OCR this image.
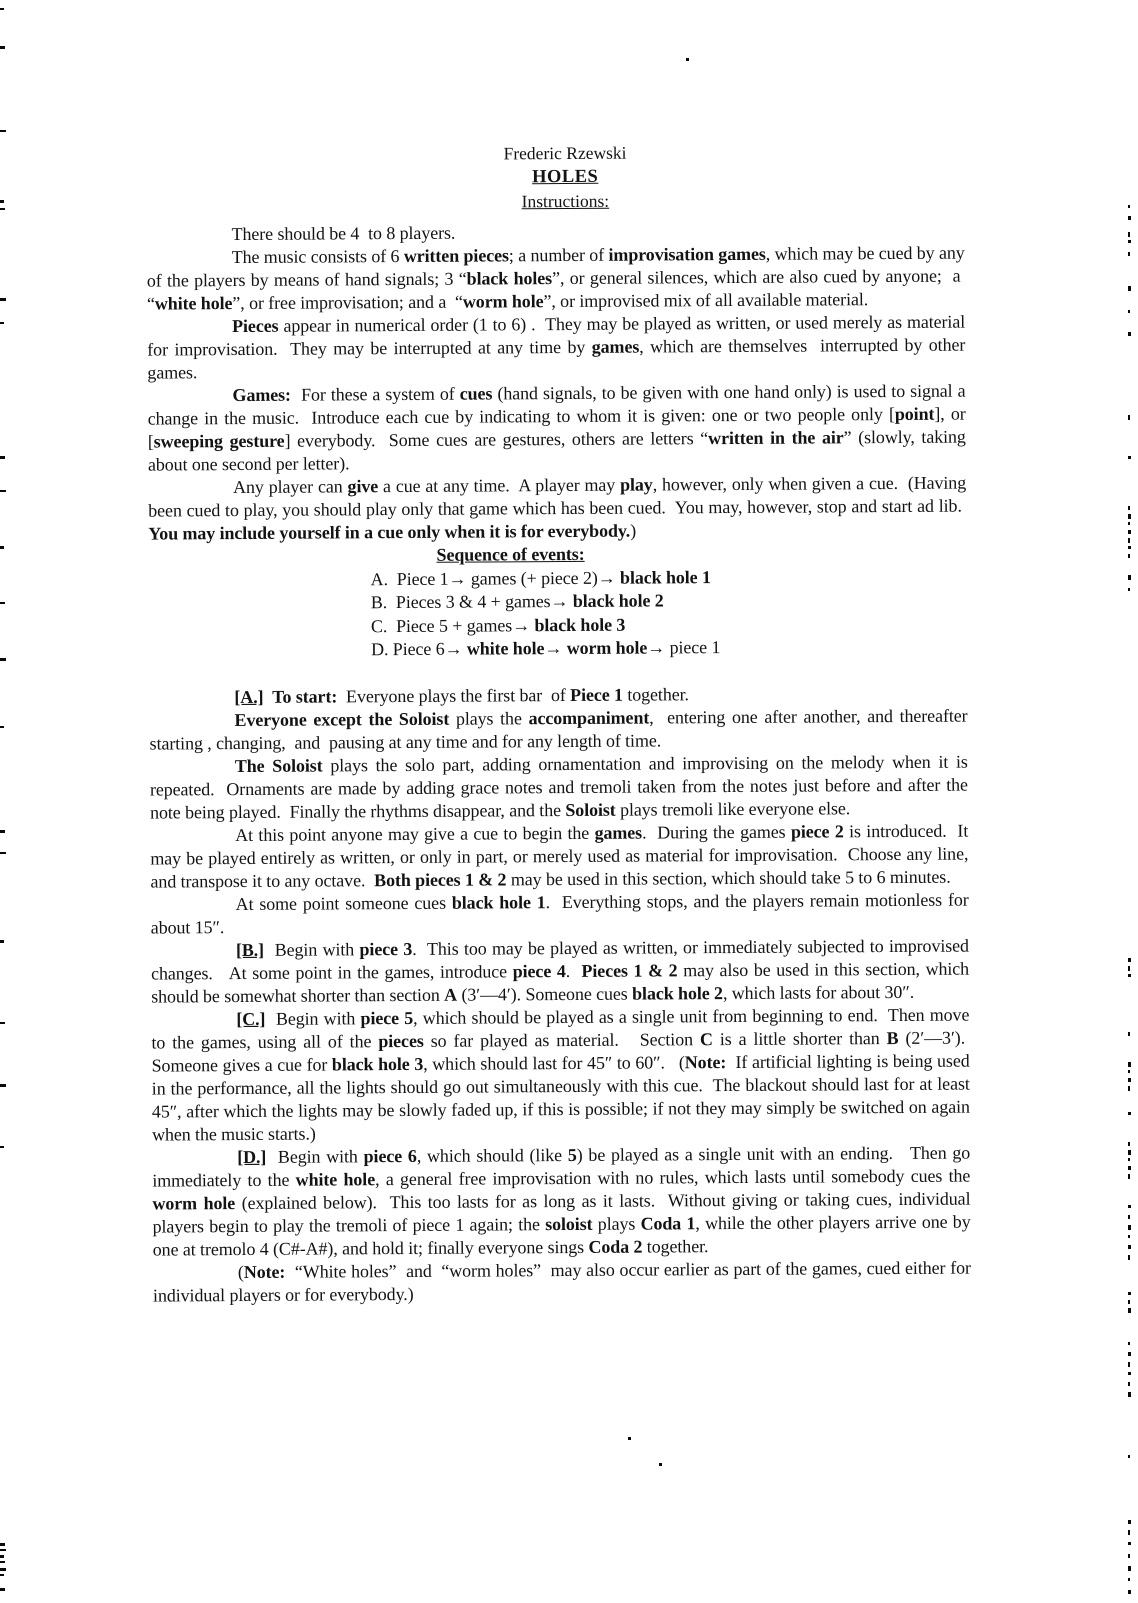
Frederic Rzewski
HOLES
Instructions:

There should be 4  to 8 players.

The music consists of 6 written pieces; a number of improvisation games, which may be cued by any of the players by means of hand signals; 3 “black holes”, or general silences, which are also cued by anyone;  a  “white hole”, or free improvisation; and a  “worm hole”, or improvised mix of all available material.

Pieces appear in numerical order (1 to 6) .  They may be played as written, or used merely as material for improvisation.  They may be interrupted at any time by games, which are themselves  interrupted by other games.

Games:  For these a system of cues (hand signals, to be given with one hand only) is used to signal a change in the music.  Introduce each cue by indicating to whom it is given: one or two people only [point], or [sweeping gesture] everybody.  Some cues are gestures, others are letters “written in the air” (slowly, taking about one second per letter).

Any player can give a cue at any time.  A player may play, however, only when given a cue.  (Having been cued to play, you should play only that game which has been cued.  You may, however, stop and start ad lib.  You may include yourself in a cue only when it is for everybody.)

Sequence of events:

A.  Piece 1→ games (+ piece 2)→ black hole 1

B.  Pieces 3 & 4 + games→ black hole 2

C.  Piece 5 + games→ black hole 3

D. Piece 6→ white hole→ worm hole→ piece 1

[A.] To start:  Everyone plays the first bar  of Piece 1 together.

Everyone except the Soloist plays the accompaniment,  entering one after another, and thereafter starting , changing,  and  pausing at any time and for any length of time.

The Soloist plays the solo part, adding ornamentation and improvising on the melody when it is repeated.  Ornaments are made by adding grace notes and tremoli taken from the notes just before and after the note being played.  Finally the rhythms disappear, and the Soloist plays tremoli like everyone else.

At this point anyone may give a cue to begin the games.  During the games piece 2 is introduced.  It may be played entirely as written, or only in part, or merely used as material for improvisation.  Choose any line, and transpose it to any octave.  Both pieces 1 & 2 may be used in this section, which should take 5 to 6 minutes.

At some point someone cues black hole 1.  Everything stops, and the players remain motionless for about 15″.

[B.]  Begin with piece 3.  This too may be played as written, or immediately subjected to improvised changes.   At some point in the games, introduce piece 4.  Pieces 1 & 2 may also be used in this section, which should be somewhat shorter than section A (3′—4′). Someone cues black hole 2, which lasts for about 30″.

[C.]  Begin with piece 5, which should be played as a single unit from beginning to end.  Then move to the games, using all of the pieces so far played as material.   Section C is a little shorter than B (2′—3′).  Someone gives a cue for black hole 3, which should last for 45″ to 60″.   (Note:  If artificial lighting is being used in the performance, all the lights should go out simultaneously with this cue.  The blackout should last for at least 45″, after which the lights may be slowly faded up, if this is possible; if not they may simply be switched on again when the music starts.)

[D.]  Begin with piece 6, which should (like 5) be played as a single unit with an ending.   Then go immediately to the white hole, a general free improvisation with no rules, which lasts until somebody cues the worm hole (explained below).  This too lasts for as long as it lasts.  Without giving or taking cues, individual players begin to play the tremoli of piece 1 again; the soloist plays Coda 1, while the other players arrive one by one at tremolo 4 (C#-A#), and hold it; finally everyone sings Coda 2 together.

(Note:  “White holes”  and  “worm holes”  may also occur earlier as part of the games, cued either for individual players or for everybody.)
